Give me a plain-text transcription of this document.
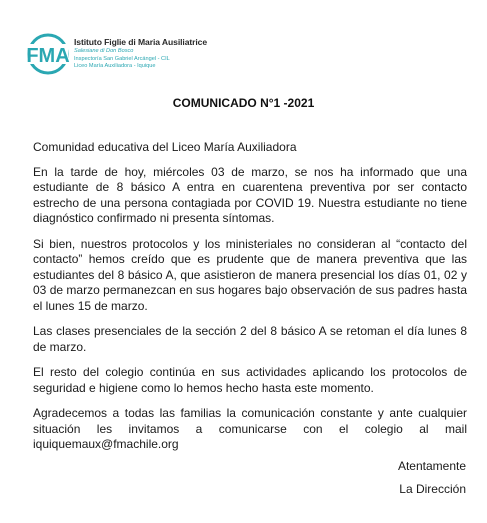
FMA
Istituto Figlie di Maria Ausiliatrice
Salesiane di Don Bosco
Inspectoría San Gabriel Arcángel - CIL
Liceo María Auxiliadora - Iquique
COMUNICADO N°1 -2021

Comunidad educativa del Liceo María Auxiliadora

En la tarde de hoy, miércoles 03 de marzo, se nos ha informado que una estudiante de 8 básico A entra en cuarentena preventiva por ser contacto estrecho de una persona contagiada por COVID 19. Nuestra estudiante no tiene diagnóstico confirmado ni presenta síntomas.

Si bien, nuestros protocolos y los ministeriales no consideran al “contacto del contacto” hemos creído que es prudente que de manera preventiva que las estudiantes del 8 básico A, que asistieron de manera presencial los días 01, 02 y 03 de marzo permanezcan en sus hogares bajo observación de sus padres hasta el lunes 15 de marzo.

Las clases presenciales de la sección 2 del 8 básico A se retoman el día lunes 8 de marzo.

El resto del colegio continúa en sus actividades aplicando los protocolos de seguridad e higiene como lo hemos hecho hasta este momento.

Agradecemos a todas las familias la comunicación constante y ante cualquier situación les invitamos a comunicarse con el colegio al mail iquiquemaux@fmachile.org

Atentamente
La Dirección
